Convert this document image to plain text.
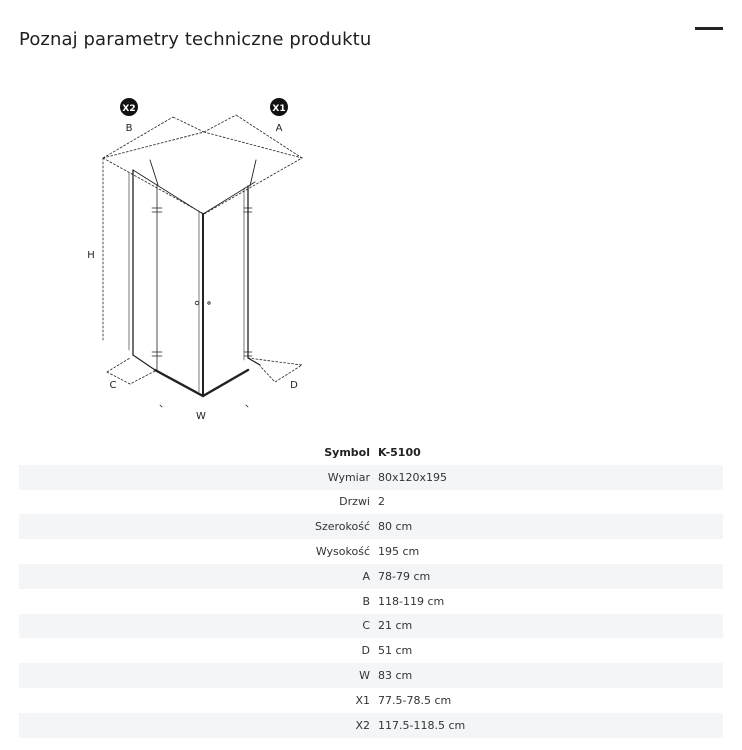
Poznaj parametry techniczne produktu
X2	X1
B	A
H
C	D
W
Symbol	K-5100
Wymiar	80x120x195
Drzwi	2
Szerokość	80 cm
Wysokość	195 cm
A	78-79 cm
B	118-119 cm
C	21 cm
D	51 cm
W	83 cm
X1	77.5-78.5 cm
X2	117.5-118.5 cm
